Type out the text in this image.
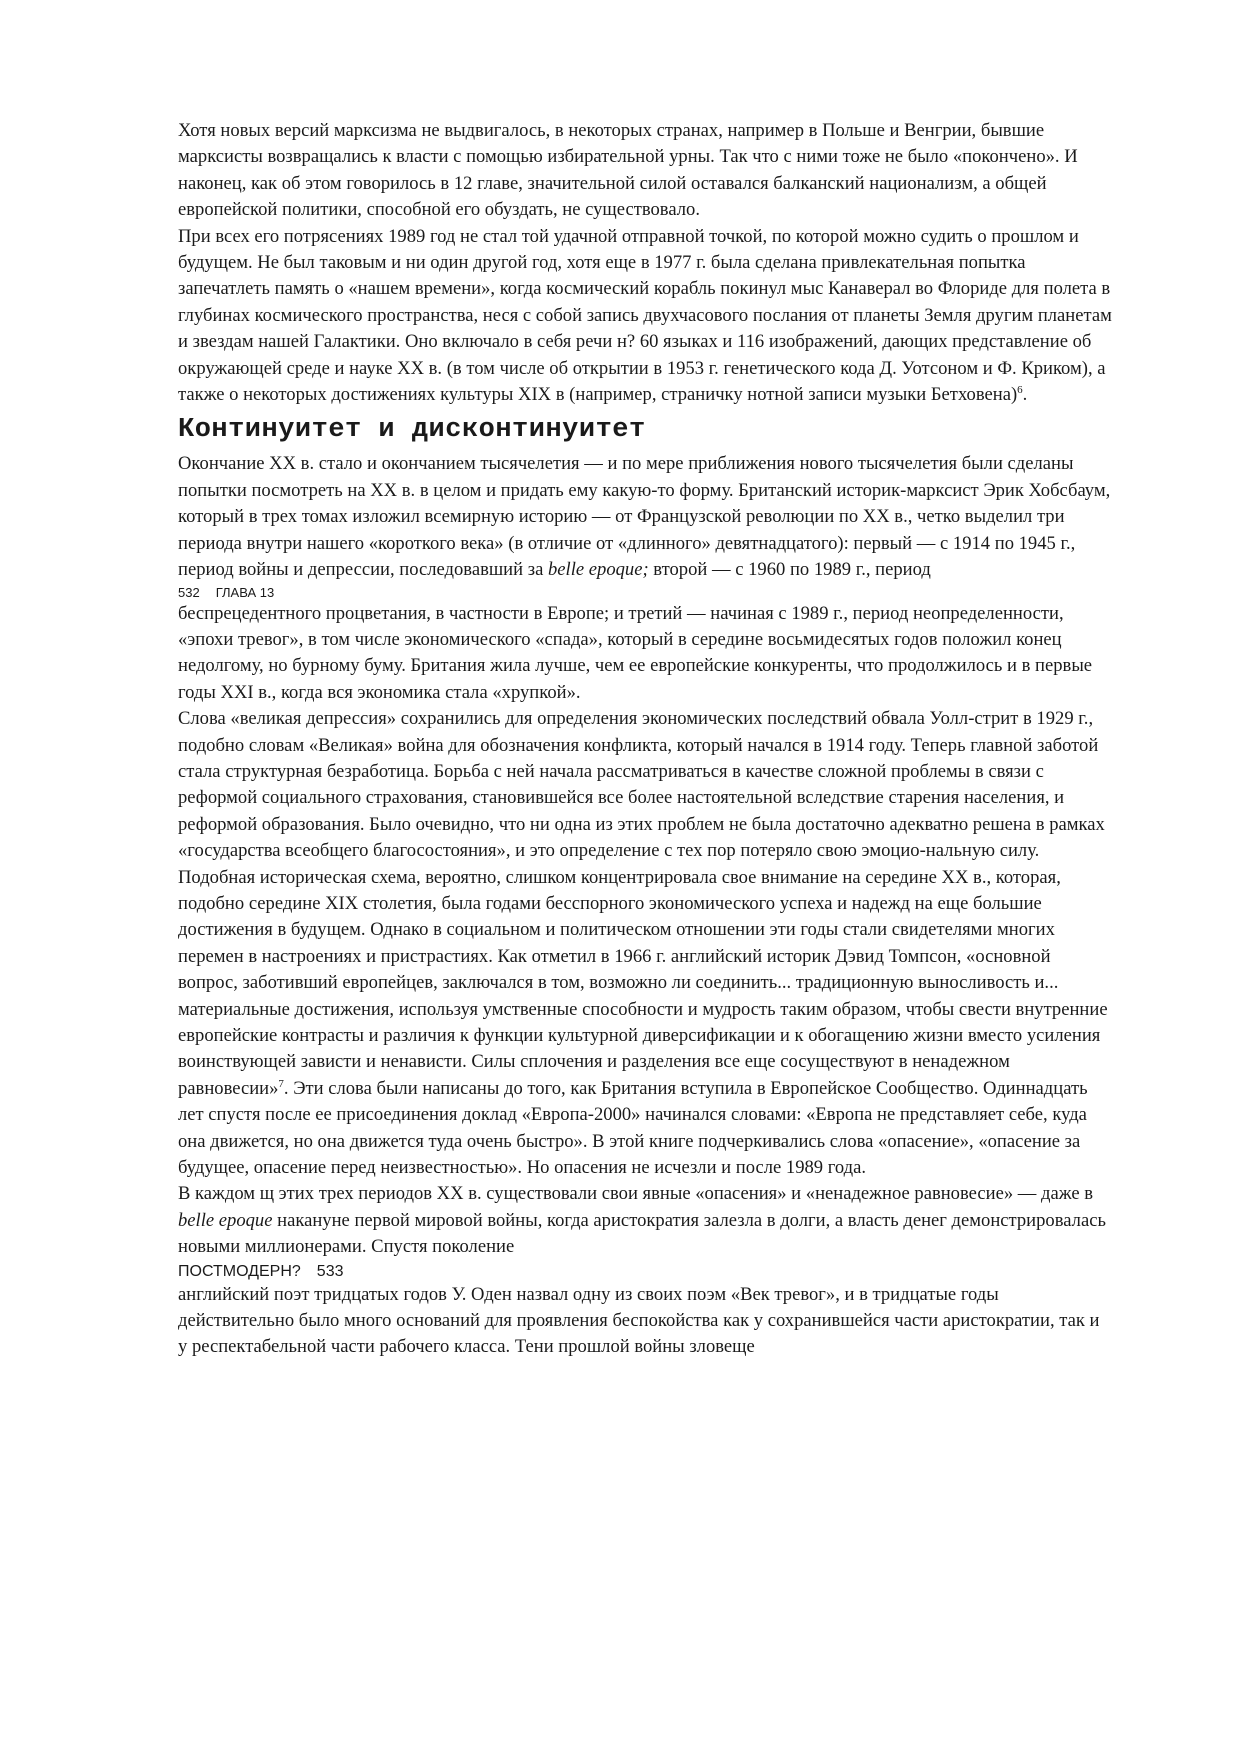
Хотя новых версий марксизма не выдвигалось, в некоторых странах, например в Польше и Венгрии, бывшие марксисты возвращались к власти с помощью избирательной урны. Так что с ними тоже не было «покончено». И наконец, как об этом говорилось в 12 главе, значительной силой оставался балканский национализм, а общей европейской политики, способной его обуздать, не существовало.

При всех его потрясениях 1989 год не стал той удачной отправной точкой, по которой можно судить о прошлом и будущем. Не был таковым и ни один другой год, хотя еще в 1977 г. была сделана привлекательная попытка запечатлеть память о «нашем времени», когда космический корабль покинул мыс Канаверал во Флориде для полета в глубинах космического пространства, неся с собой запись двухчасового послания от планеты Земля другим планетам и звездам нашей Галактики. Оно включало в себя речи н? 60 языках и 116 изображений, дающих представление об окружающей среде и науке XX в. (в том числе об открытии в 1953 г. генетического кода Д. Уотсоном и Ф. Криком), а также о некоторых достижениях культуры XIX в (например, страничку нотной записи музыки Бетховена)$^6$.

Континуитет и дисконтинуитет

Окончание XX в. стало и окончанием тысячелетия — и по мере приближения нового тысячелетия были сделаны попытки посмотреть на XX в. в целом и придать ему какую-то форму. Британский историк-марксист Эрик Хобсбаум, который в трех томах изложил всемирную историю — от Французской революции по XX в., четко выделил три периода внутри нашего «короткого века» (в отличие от «длинного» девятнадцатого): первый — с 1914 по 1945 г., период войны и депрессии, последовавший за belle epoque; второй — с 1960 по 1989 г., период

532 ГЛАВА 13

беспрецедентного процветания, в частности в Европе; и третий — начиная с 1989 г., период неопределенности, «эпохи тревог», в том числе экономического «спада», который в середине восьмидесятых годов положил конец недолгому, но бурному буму. Британия жила лучше, чем ее европейские конкуренты, что продолжилось и в первые годы XXI в., когда вся экономика стала «хрупкой».

Слова «великая депрессия» сохранились для определения экономических последствий обвала Уолл-стрит в 1929 г., подобно словам «Великая» война для обозначения конфликта, который начался в 1914 году. Теперь главной заботой стала структурная безработица. Борьба с ней начала рассматриваться в качестве сложной проблемы в связи с реформой социального страхования, становившейся все более настоятельной вследствие старения населения, и реформой образования. Было очевидно, что ни одна из этих проблем не была достаточно адекватно решена в рамках «государства всеобщего благосостояния», и это определение с тех пор потеряло свою эмоцио-нальную силу.

Подобная историческая схема, вероятно, слишком концентрировала свое внимание на середине XX в., которая, подобно середине XIX столетия, была годами бесспорного экономического успеха и надежд на еще большие достижения в будущем. Однако в социальном и политическом отношении эти годы стали свидетелями многих перемен в настроениях и пристрастиях. Как отметил в 1966 г. английский историк Дэвид Томпсон, «основной вопрос, заботивший европейцев, заключался в том, возможно ли соединить... традиционную выносливость и... материальные достижения, используя умственные способности и мудрость таким образом, чтобы свести внутренние европейские контрасты и различия к функции культурной диверсификации и к обогащению жизни вместо усиления воинствующей зависти и ненависти. Силы сплочения и разделения все еще сосуществуют в ненадежном равновесии»$^7$. Эти слова были написаны до того, как Британия вступила в Европейское Сообщество. Одиннадцать лет спустя после ее присоединения доклад «Европа-2000» начинался словами: «Европа не представляет себе, куда она движется, но она движется туда очень быстро». В этой книге подчеркивались слова «опасение», «опасение за будущее, опасение перед неизвестностью». Но опасения не исчезли и после 1989 года.

В каждом щ этих трех периодов XX в. существовали свои явные «опасения» и «ненадежное равновесие» — даже в belle epoque накануне первой мировой войны, когда аристократия залезла в долги, а власть денег демонстрировалась новыми миллионерами. Спустя поколение

ПОСТМОДЕРН? 533

английский поэт тридцатых годов У. Оден назвал одну из своих поэм «Век тревог», и в тридцатые годы действительно было много оснований для проявления беспокойства как у сохранившейся части аристократии, так и у респектабельной части рабочего класса. Тени прошлой войны зловеще
